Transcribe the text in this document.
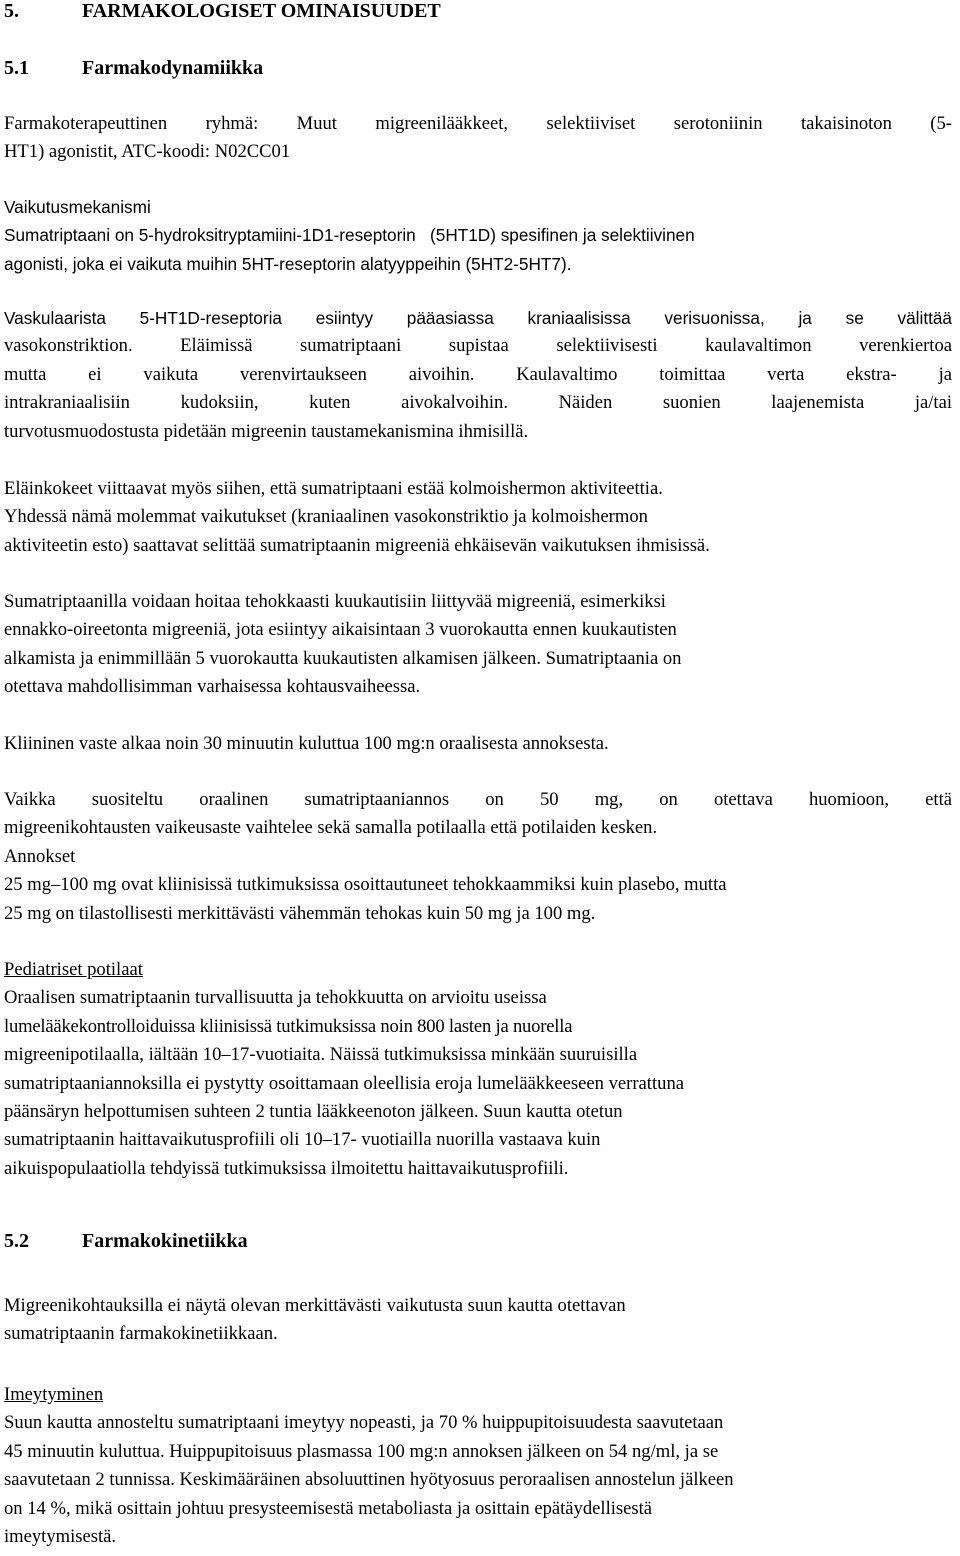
5.	FARMAKOLOGISET OMINAISUUDET
5.1	Farmakodynamiikka
Farmakoterapeuttinen ryhmä: Muut migreenilääkkeet, selektiiviset serotoniinin takaisinoton (5-
HT1) agonistit, ATC-koodi: N02CC01
Vaikutusmekanismi
Sumatriptaani on 5-hydroksitryptamiini-1D1-reseptorin   (5HT1D) spesifinen ja selektiivinen
agonisti, joka ei vaikuta muihin 5HT-reseptorin alatyyppeihin (5HT2-5HT7).
Vaskulaarista 5-HT1D-reseptoria esiintyy pääasiassa kraniaalisissa verisuonissa, ja se välittää
vasokonstriktion. Eläimissä sumatriptaani supistaa selektiivisesti kaulavaltimon verenkiertoa
mutta ei vaikuta verenvirtaukseen aivoihin. Kaulavaltimo toimittaa verta ekstra- ja
intrakraniaalisiin kudoksiin, kuten aivokalvoihin. Näiden suonien laajenemista ja/tai
turvotusmuodostusta pidetään migreenin taustamekanismina ihmisillä.
Eläinkokeet viittaavat myös siihen, että sumatriptaani estää kolmoishermon aktiviteettia.
Yhdessä nämä molemmat vaikutukset (kraniaalinen vasokonstriktio ja kolmoishermon
aktiviteetin esto) saattavat selittää sumatriptaanin migreeniä ehkäisevän vaikutuksen ihmisissä.
Sumatriptaanilla voidaan hoitaa tehokkaasti kuukautisiin liittyvää migreeniä, esimerkiksi
ennakko-oireetonta migreeniä, jota esiintyy aikaisintaan 3 vuorokautta ennen kuukautisten
alkamista ja enimmillään 5 vuorokautta kuukautisten alkamisen jälkeen. Sumatriptaania on
otettava mahdollisimman varhaisessa kohtausvaiheessa.
Kliininen vaste alkaa noin 30 minuutin kuluttua 100 mg:n oraalisesta annoksesta.
Vaikka suositeltu oraalinen sumatriptaaniannos on 50 mg, on otettava huomioon, että
migreenikohtausten vaikeusaste vaihtelee sekä samalla potilaalla että potilaiden kesken.
Annokset
25 mg–100 mg ovat kliinisissä tutkimuksissa osoittautuneet tehokkaammiksi kuin plasebo, mutta
25 mg on tilastollisesti merkittävästi vähemmän tehokas kuin 50 mg ja 100 mg.
Pediatriset potilaat
Oraalisen sumatriptaanin turvallisuutta ja tehokkuutta on arvioitu useissa
lumelääkekontrolloiduissa kliinisissä tutkimuksissa noin 800 lasten ja nuorella
migreenipotilaalla, iältään 10–17-vuotiaita. Näissä tutkimuksissa minkään suuruisilla
sumatriptaaniannoksilla ei pystytty osoittamaan oleellisia eroja lumelääkkeeseen verrattuna
päänsäryn helpottumisen suhteen 2 tuntia lääkkeenoton jälkeen. Suun kautta otetun
sumatriptaanin haittavaikutusprofiili oli 10–17- vuotiailla nuorilla vastaava kuin
aikuispopulaatiolla tehdyissä tutkimuksissa ilmoitettu haittavaikutusprofiili.
5.2	Farmakokinetiikka
Migreenikohtauksilla ei näytä olevan merkittävästi vaikutusta suun kautta otettavan
sumatriptaanin farmakokinetiikkaan.
Imeytyminen
Suun kautta annosteltu sumatriptaani imeytyy nopeasti, ja 70 % huippupitoisuudesta saavutetaan
45 minuutin kuluttua. Huippupitoisuus plasmassa 100 mg:n annoksen jälkeen on 54 ng/ml, ja se
saavutetaan 2 tunnissa. Keskimääräinen absoluuttinen hyötyosuus peroraalisen annostelun jälkeen
on 14 %, mikä osittain johtuu presysteemisestä metaboliasta ja osittain epätäydellisestä
imeytymisestä.
